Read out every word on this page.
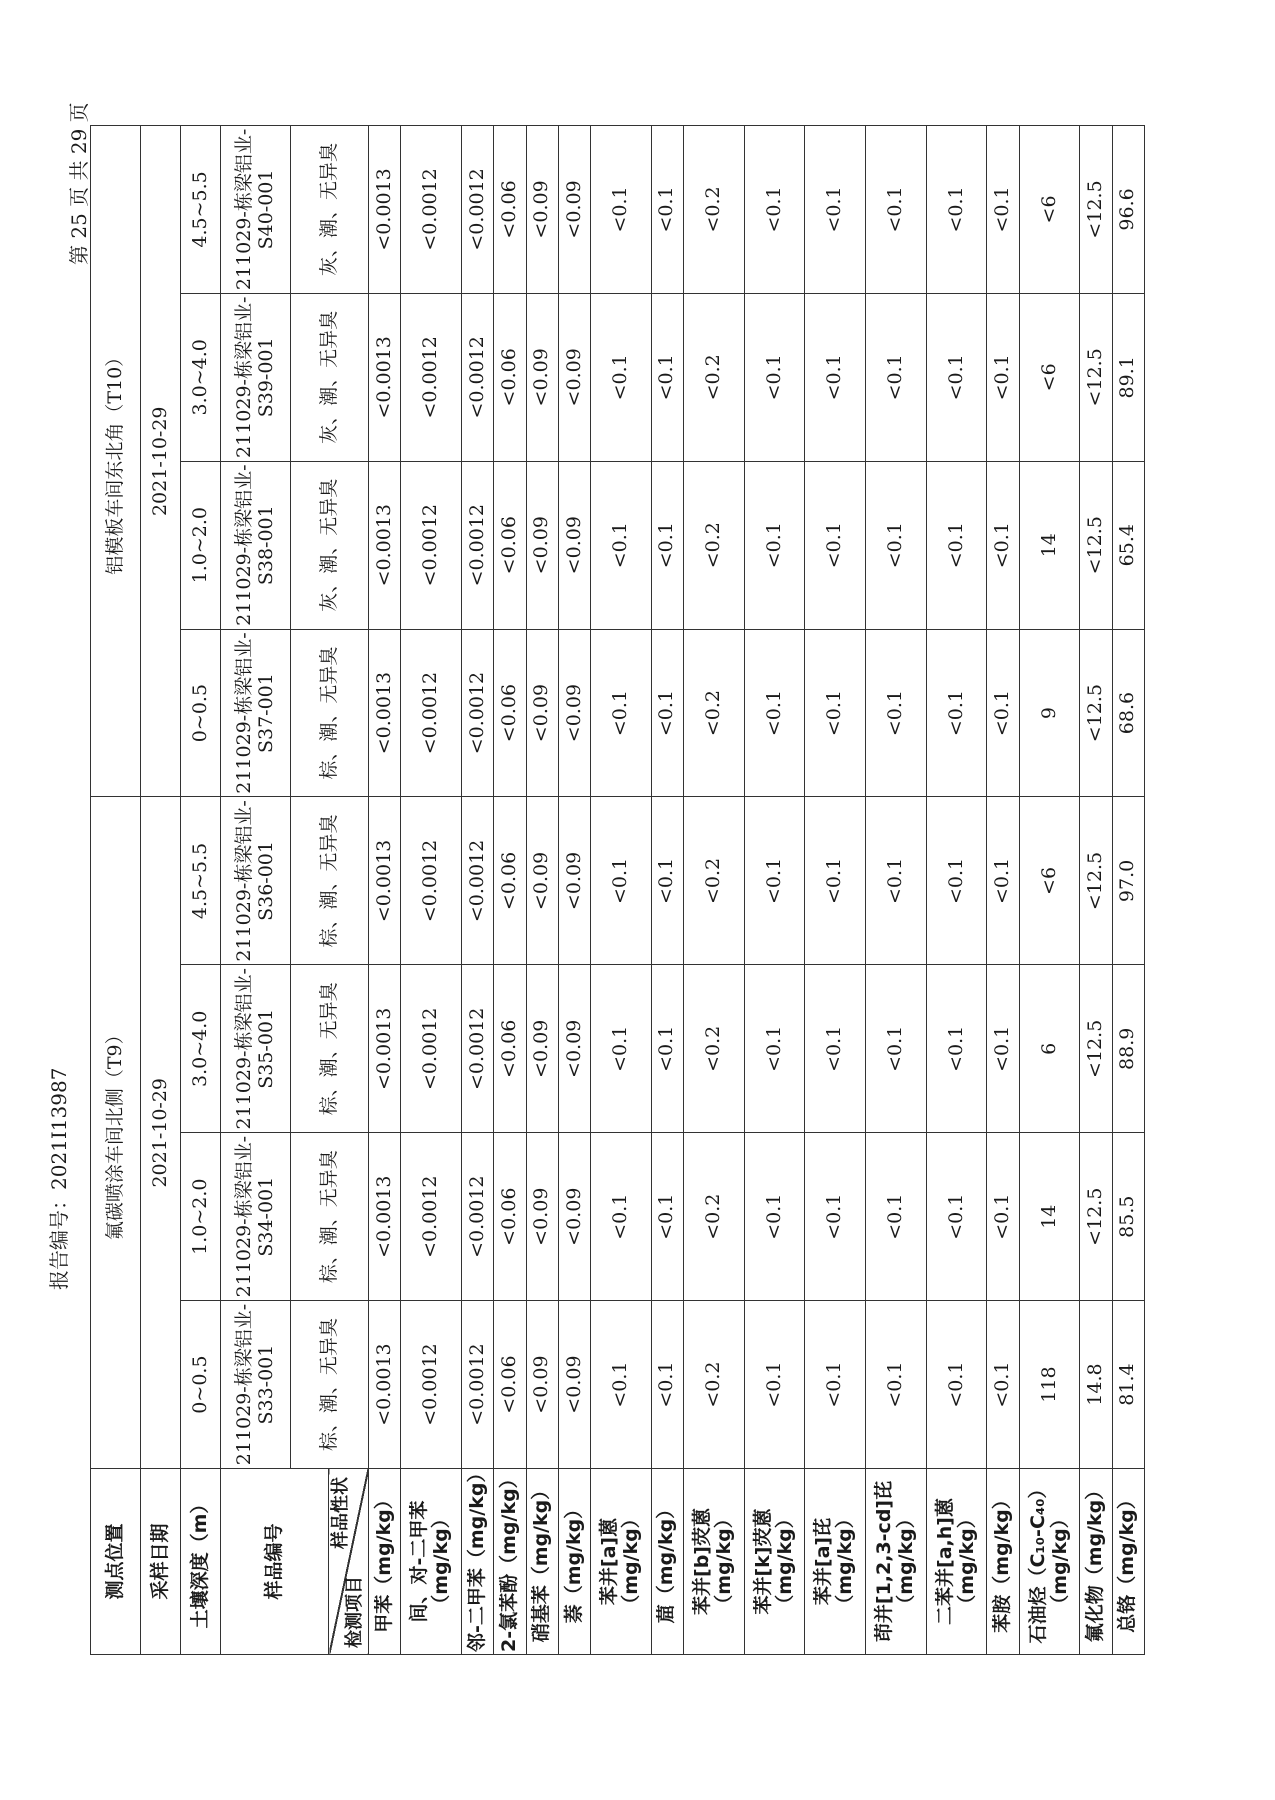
报告编号：2021I13987
第 25 页 共 29 页
测点位置	氟碳喷涂车间北侧（T9）				铝模板车间东北角（T10）			
采样日期	2021-10-29				2021-10-29			
土壤深度（m）	0~0.5	1.0~2.0	3.0~4.0	4.5~5.5	0~0.5	1.0~2.0	3.0~4.0	4.5~5.5
样品编号	211029-栋梁铝业-S33-001	211029-栋梁铝业-S34-001	211029-栋梁铝业-S35-001	211029-栋梁铝业-S36-001	211029-栋梁铝业-S37-001	211029-栋梁铝业-S38-001	211029-栋梁铝业-S39-001	211029-栋梁铝业-S40-001
	棕、潮、无异臭	棕、潮、无异臭	棕、潮、无异臭	棕、潮、无异臭	棕、潮、无异臭	灰、潮、无异臭	灰、潮、无异臭	灰、潮、无异臭

样品性状
检测项目								

甲苯（mg/kg）	<0.0013	<0.0013	<0.0013	<0.0013	<0.0013	<0.0013	<0.0013	<0.0013
间、对-二甲苯（mg/kg）	<0.0012	<0.0012	<0.0012	<0.0012	<0.0012	<0.0012	<0.0012	<0.0012
邻-二甲苯（mg/kg）	<0.0012	<0.0012	<0.0012	<0.0012	<0.0012	<0.0012	<0.0012	<0.0012
2-氯苯酚（mg/kg）	<0.06	<0.06	<0.06	<0.06	<0.06	<0.06	<0.06	<0.06
硝基苯（mg/kg）	<0.09	<0.09	<0.09	<0.09	<0.09	<0.09	<0.09	<0.09
萘（mg/kg）	<0.09	<0.09	<0.09	<0.09	<0.09	<0.09	<0.09	<0.09
苯并[a]蒽（mg/kg）	<0.1	<0.1	<0.1	<0.1	<0.1	<0.1	<0.1	<0.1
䓛（mg/kg）	<0.1	<0.1	<0.1	<0.1	<0.1	<0.1	<0.1	<0.1
苯并[b]荧蒽（mg/kg）	<0.2	<0.2	<0.2	<0.2	<0.2	<0.2	<0.2	<0.2
苯并[k]荧蒽（mg/kg）	<0.1	<0.1	<0.1	<0.1	<0.1	<0.1	<0.1	<0.1
苯并[a]芘（mg/kg）	<0.1	<0.1	<0.1	<0.1	<0.1	<0.1	<0.1	<0.1
茚并[1,2,3-cd]芘（mg/kg）	<0.1	<0.1	<0.1	<0.1	<0.1	<0.1	<0.1	<0.1
二苯并[a,h]蒽（mg/kg）	<0.1	<0.1	<0.1	<0.1	<0.1	<0.1	<0.1	<0.1
苯胺（mg/kg）	<0.1	<0.1	<0.1	<0.1	<0.1	<0.1	<0.1	<0.1
石油烃（C₁₀-C₄₀）（mg/kg）	118	14	6	<6	9	14	<6	<6
氟化物（mg/kg）	14.8	<12.5	<12.5	<12.5	<12.5	<12.5	<12.5	<12.5
总铬（mg/kg）	81.4	85.5	88.9	97.0	68.6	65.4	89.1	96.6
